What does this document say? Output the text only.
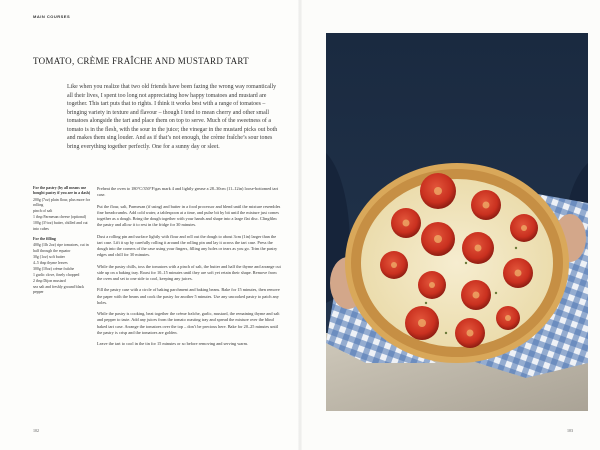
MAIN COURSES
TOMATO, CRÈME FRAÎCHE AND MUSTARD TART

Like when you realize that two old friends have been fazing the wrong way romantically all their lives, I spent too long not appreciating how happy tomatoes and mustard are together. This tart puts that to rights. I think it works best with a range of tomatoes – bringing variety in texture and flavour – though I tend to mean cherry and other small tomatoes alongside the tart and place them on top to serve. Much of the sweetness of a tomato is in the flesh, with the sour in the juice; the vinegar in the mustard picks out both and makes them sing louder. And as if that’s not enough, the crème fraîche’s sour tones bring everything together perfectly. One for a sunny day or sleet.

For the pastry (by all means use bought pastry if you are in a dash)
200g (7oz) plain flour, plus more for rolling
pinch of salt
1 tbsp Parmesan cheese (optional)
100g (3½oz) butter, chilled and cut into cubes
For the filling
400g (1lb 2oz) ripe tomatoes, cut in half through the equator
30g (1oz) soft butter
4–5 tbsp thyme leaves
300g (10oz) crème fraîche
1 garlic clove, finely chopped
2 tbsp Dijon mustard
sea salt and freshly ground black pepper

Preheat the oven to 180°C/350°F/gas mark 4 and lightly grease a 28–30cm (11–12in) loose-bottomed tart case.

Put the flour, salt, Parmesan (if using) and butter in a food processor and blend until the mixture resembles fine breadcrumbs. Add cold water, a tablespoon at a time, and pulse bit by bit until the mixture just comes together as a dough. Bring the dough together with your hands and shape into a large flat disc. Clingfilm the pastry and allow it to rest in the fridge for 30 minutes.

Dust a rolling pin and surface lightly with flour and roll out the dough to about 3cm (1in) larger than the tart case. Lift it up by carefully rolling it around the rolling pin and lay it across the tart case. Press the dough into the corners of the case using your fingers, filling any holes or tears as you go. Trim the pastry edges and chill for 30 minutes.

While the pastry chills, toss the tomatoes with a pinch of salt, the butter and half the thyme and arrange cut side up on a baking tray. Roast for 10–15 minutes until they are soft yet retain their shape. Remove from the oven and set to one side to cool, keeping any juices.

Fill the pastry case with a circle of baking parchment and baking beans. Bake for 15 minutes, then remove the paper with the beans and cook the pastry for another 5 minutes. Use any uncooked pastry to patch any holes.

While the pastry is cooking, beat together the crème fraîche, garlic, mustard, the remaining thyme and salt and pepper to taste. Add any juices from the tomato roasting tray and spread the mixture over the blind baked tart case. Arrange the tomatoes over the top – don’t be precious here. Bake for 20–25 minutes until the pastry is crisp and the tomatoes are golden.

Leave the tart to cool in the tin for 15 minutes or so before removing and serving warm.

102	103
